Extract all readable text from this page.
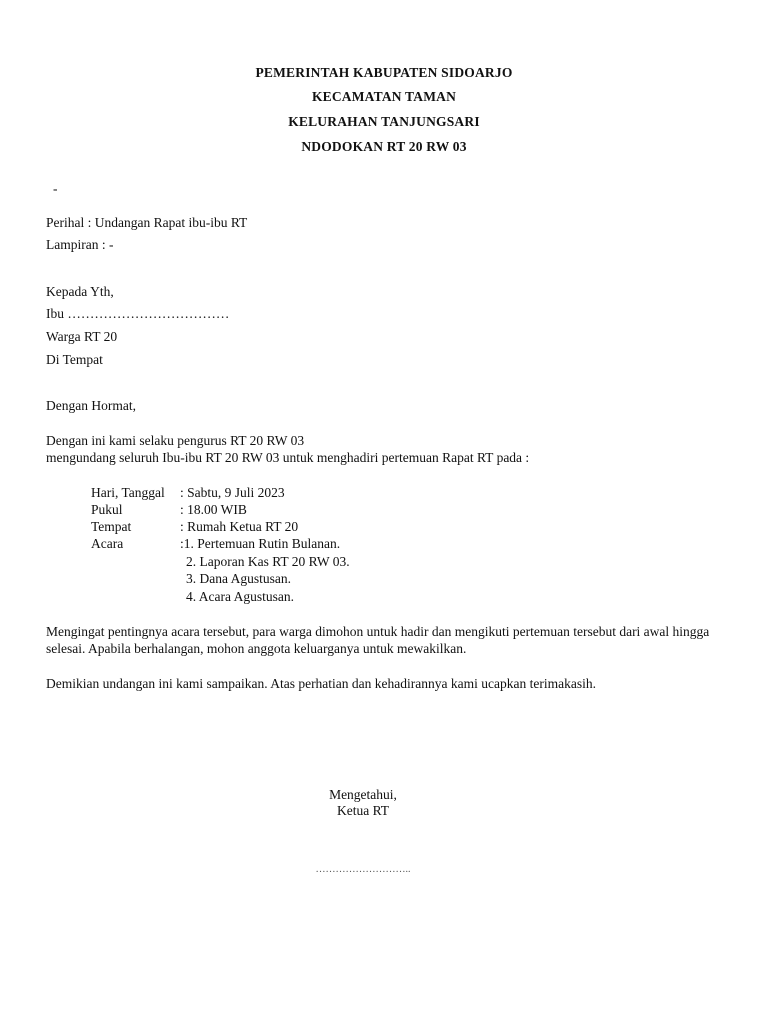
PEMERINTAH KABUPATEN SIDOARJO
KECAMATAN TAMAN
KELURAHAN TANJUNGSARI
NDODOKAN RT 20 RW 03
-
Perihal : Undangan Rapat ibu-ibu RT
Lampiran : -
Kepada Yth,
Ibu ………………………………
Warga RT 20
Di Tempat
Dengan Hormat,
Dengan ini kami selaku pengurus RT 20 RW 03
mengundang seluruh Ibu-ibu RT 20 RW 03 untuk menghadiri pertemuan Rapat RT pada :
Hari, Tanggal : Sabtu, 9 Juli 2023
Pukul	: 18.00 WIB
Tempat	: Rumah Ketua RT 20
Acara	:1. Pertemuan Rutin Bulanan.
2. Laporan Kas RT 20 RW 03.
3. Dana Agustusan.
4. Acara Agustusan.
Mengingat pentingnya acara tersebut, para warga dimohon untuk hadir dan mengikuti pertemuan tersebut dari awal hingga selesai. Apabila berhalangan, mohon anggota keluarganya untuk mewakilkan.
Demikian undangan ini kami sampaikan. Atas perhatian dan kehadirannya kami ucapkan terimakasih.
Mengetahui,
Ketua RT
………………………..
